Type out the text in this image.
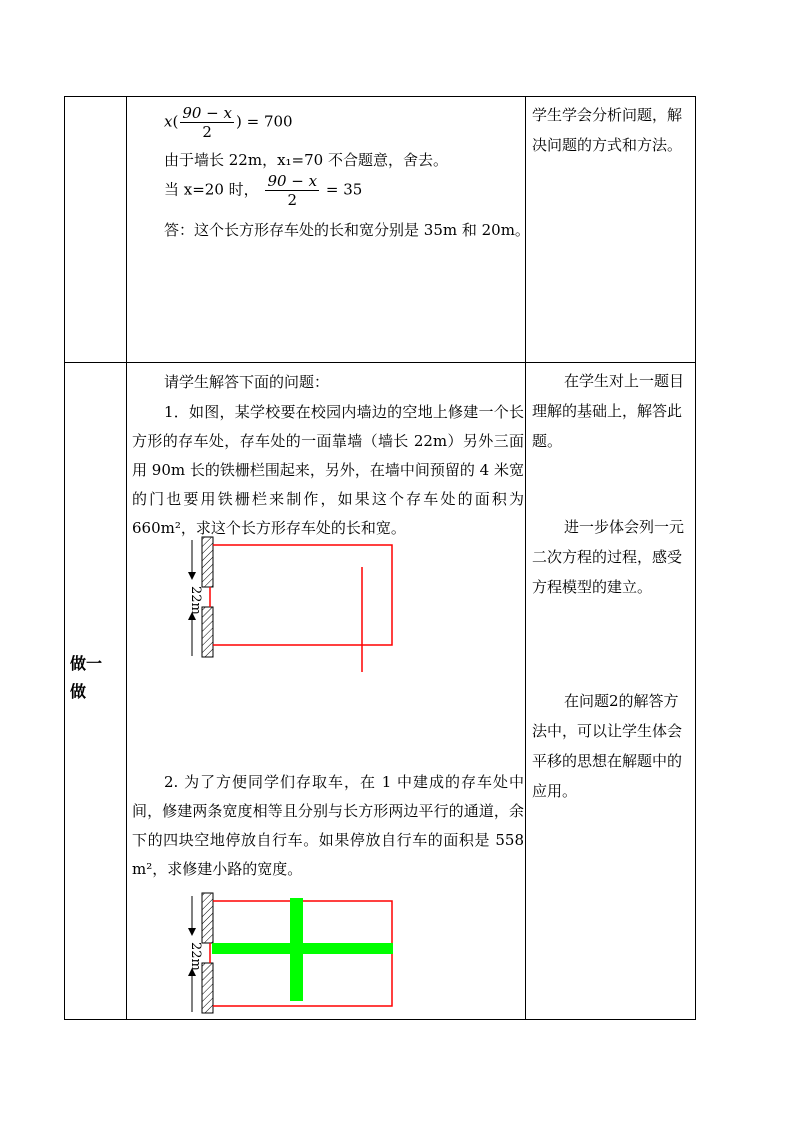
$x( \frac{90 - x}{2}$ ) = 700
由于墙长 22m，x₁=70 不合题意，舍去。
当 x=20 时， $\frac{90 - x}{2} = 35$
答：这个长方形存车处的长和宽分别是 35m 和 20m。
学生学会分析问题，解决问题的方式和方法。
做一做
请学生解答下面的问题：
1．如图，某学校要在校园内墙边的空地上修建一个长方形的存车处，存车处的一面靠墙（墙长 22m）另外三面用 90m 长的铁栅栏围起来，另外，在墙中间预留的 4 米宽的门也要用铁栅栏来制作，如果这个存车处的面积为 660m²，求这个长方形存车处的长和宽。
22m
2. 为了方便同学们存取车，在 1 中建成的存车处中间，修建两条宽度相等且分别与长方形两边平行的通道，余下的四块空地停放自行车。如果停放自行车的面积是 558 m²，求修建小路的宽度。
22m
在学生对上一题目理解的基础上，解答此题。
进一步体会列一元二次方程的过程，感受方程模型的建立。
在问题2的解答方法中，可以让学生体会平移的思想在解题中的应用。
